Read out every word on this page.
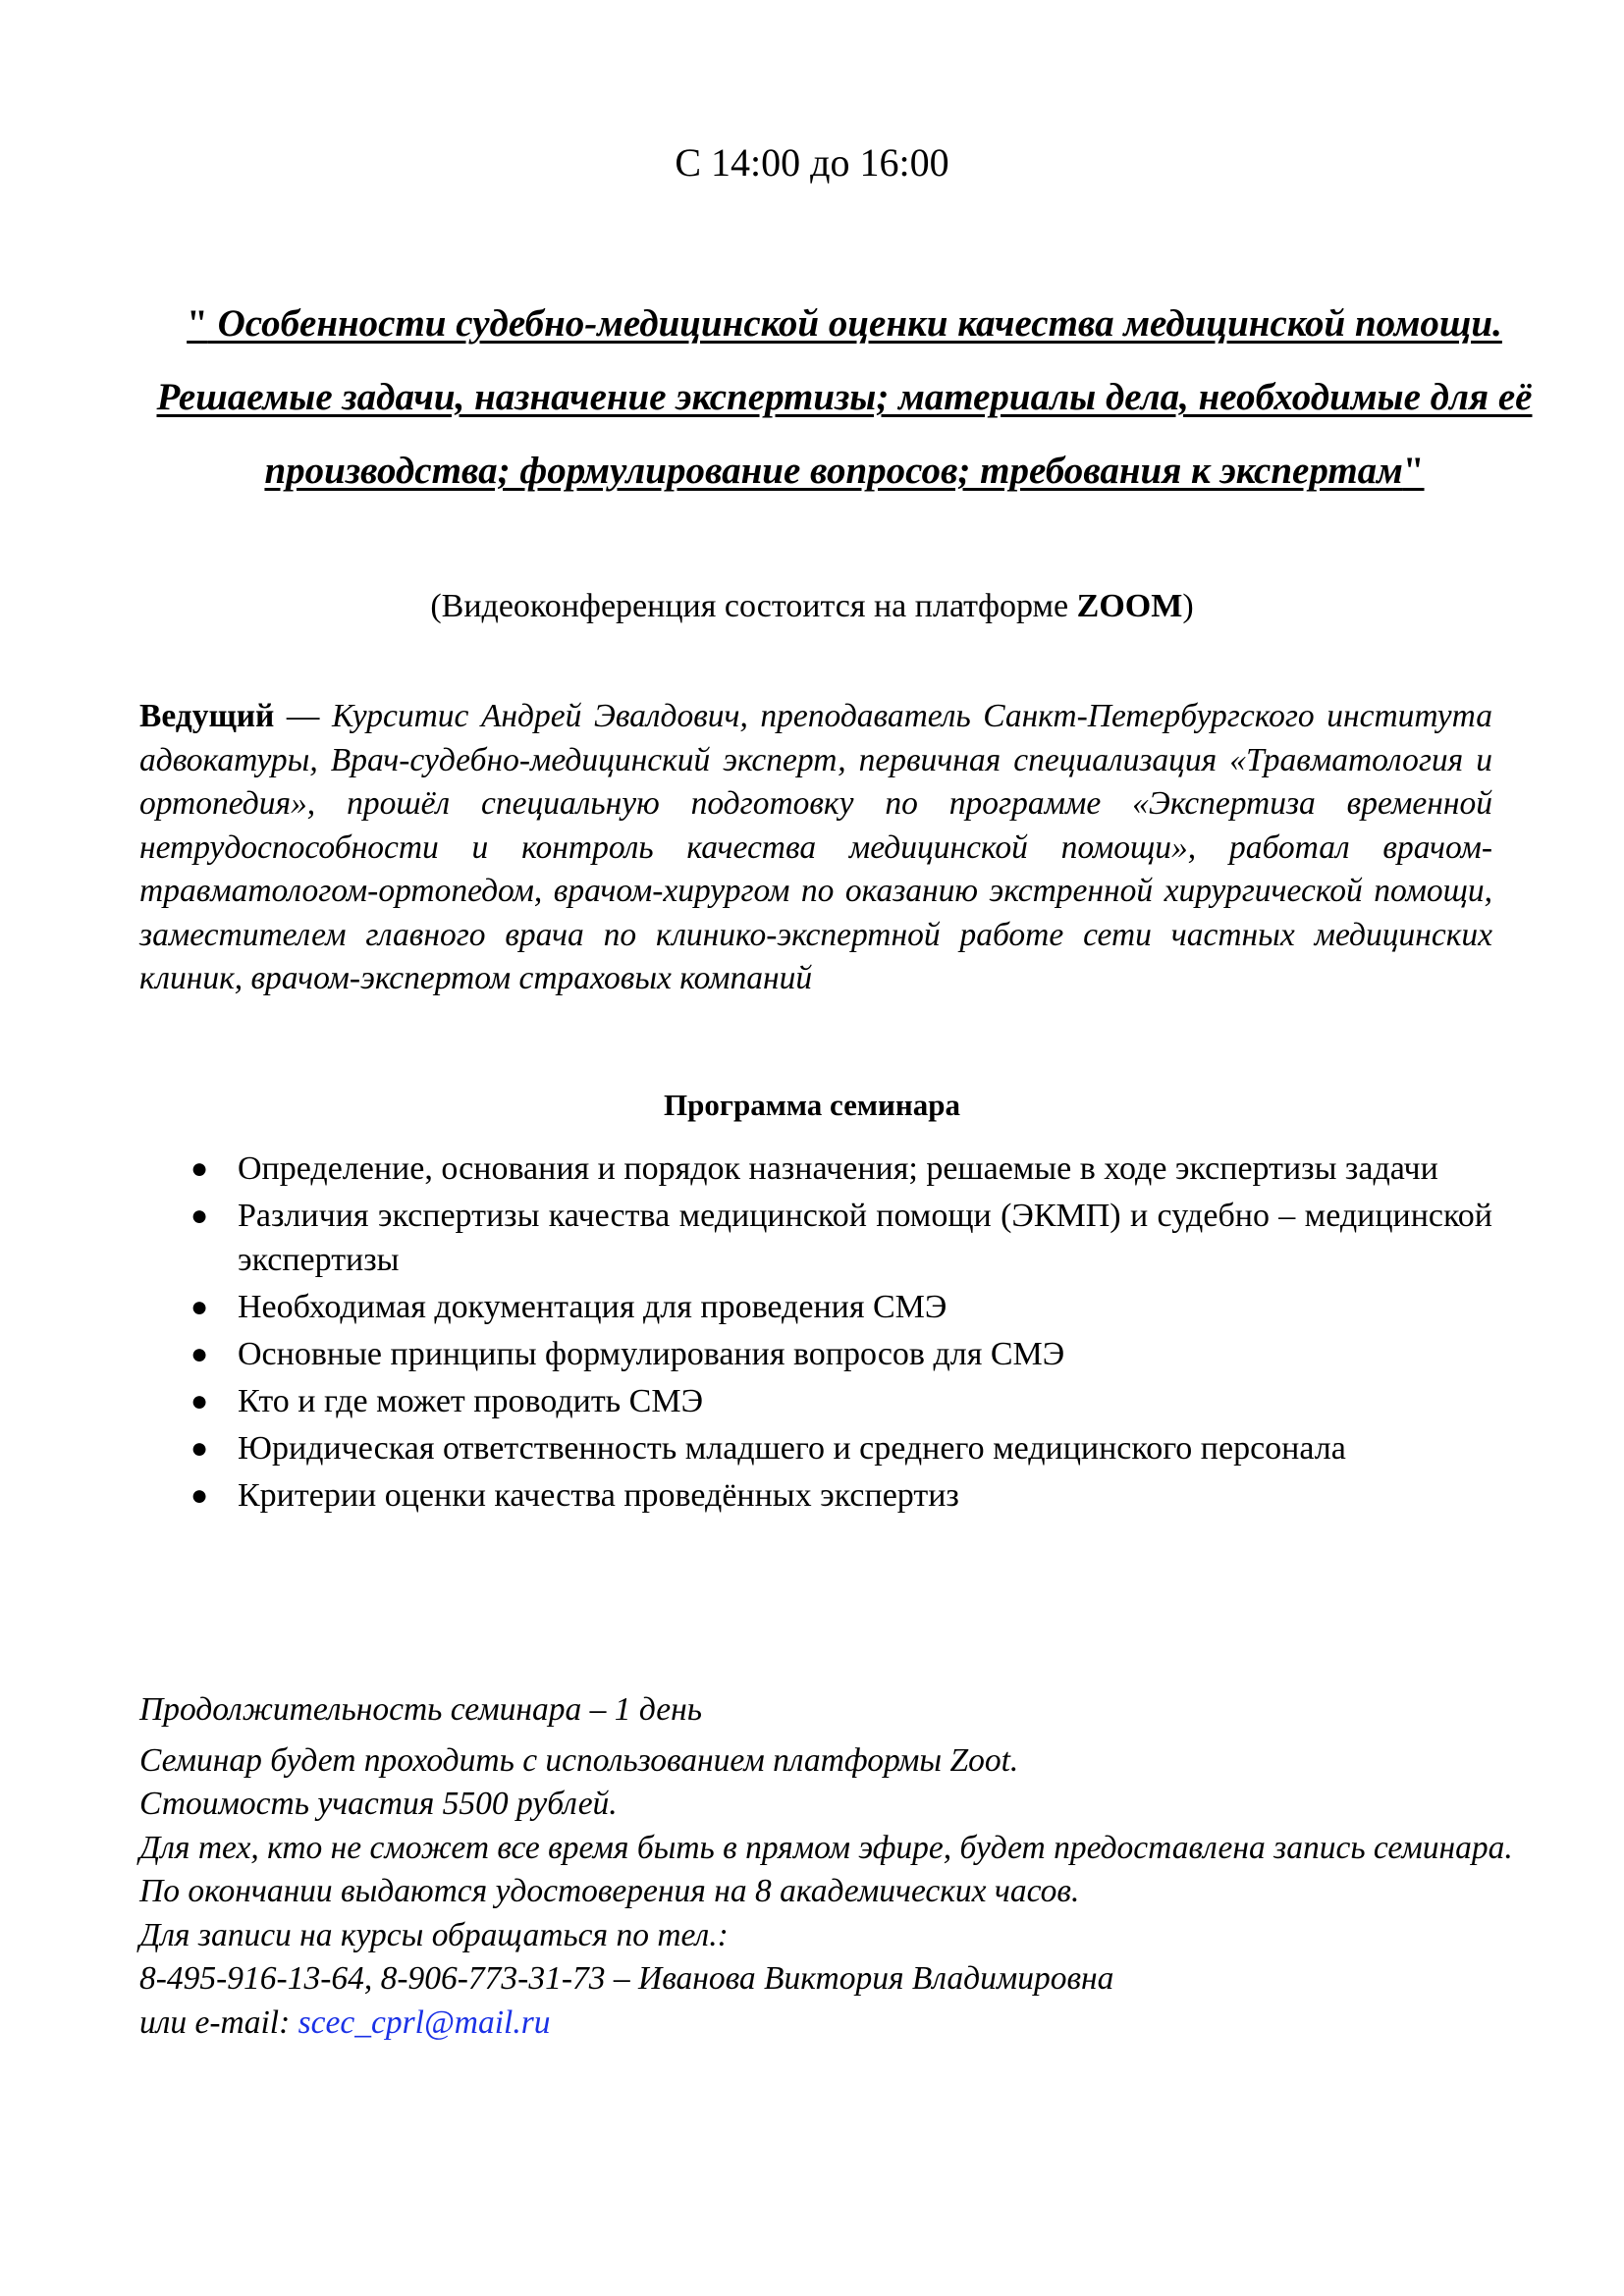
С 14:00 до 16:00
" Особенности судебно-медицинской оценки качества медицинской помощи. Решаемые задачи, назначение экспертизы; материалы дела, необходимые для её производства; формулирование вопросов; требования к экспертам"
(Видеоконференция состоится на платформе ZOOM)
Ведущий — Курситис Андрей Эвалдович, преподаватель Санкт-Петербургского института адвокатуры, Врач-судебно-медицинский эксперт, первичная специализация «Травматология и ортопедия», прошёл специальную подготовку по программе «Экспертиза временной нетрудоспособности и контроль качества медицинской помощи», работал врачом-травматологом-ортопедом, врачом-хирургом по оказанию экстренной хирургической помощи, заместителем главного врача по клинико-экспертной работе сети частных медицинских клиник, врачом-экспертом страховых компаний
Программа семинара
● Определение, основания и порядок назначения; решаемые в ходе экспертизы задачи
● Различия экспертизы качества медицинской помощи (ЭКМП) и судебно – медицинской экспертизы
● Необходимая документация для проведения СМЭ
● Основные принципы формулирования вопросов для СМЭ
● Кто и где может проводить СМЭ
● Юридическая ответственность младшего и среднего медицинского персонала
● Критерии оценки качества проведённых экспертиз

Продолжительность семинара – 1 день

Семинар будет проходить с использованием платформы Zoot.

Стоимость участия 5500 рублей.

Для тех, кто не сможет все время быть в прямом эфире, будет предоставлена запись семинара.

По окончании выдаются удостоверения на 8 академических часов.

Для записи на курсы обращаться по тел.:

8-495-916-13-64, 8-906-773-31-73 – Иванова Виктория Владимировна

или e-mail: scec_cprl@mail.ru
